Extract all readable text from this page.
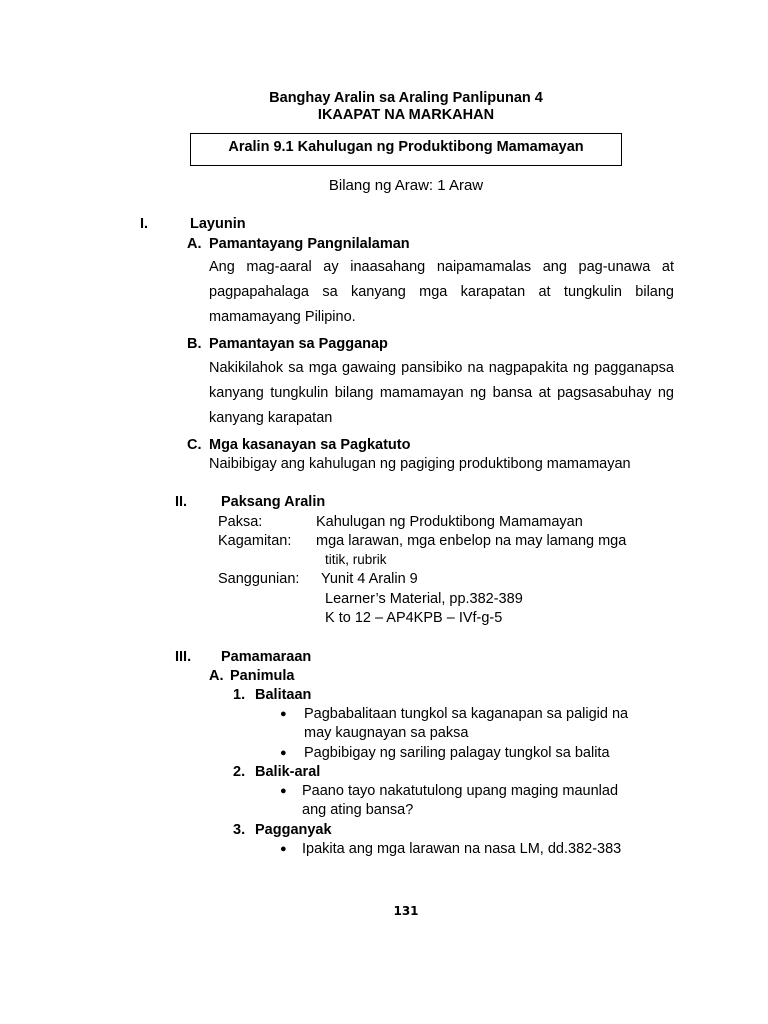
Banghay Aralin sa Araling Panlipunan 4
IKAAPAT NA MARKAHAN
Aralin 9.1 Kahulugan ng Produktibong Mamamayan
Bilang ng Araw: 1 Araw
I.	Layunin
A. Pamantayang Pangnilalaman
Ang mag-aaral ay inaasahang naipamamalas ang pag-unawa at pagpapahalaga sa kanyang mga karapatan at tungkulin bilang mamamayang Pilipino.
B. Pamantayan sa Pagganap
Nakikilahok sa mga gawaing pansibiko na nagpapakita ng pagganapsa kanyang tungkulin bilang mamamayan ng bansa at pagsasabuhay ng kanyang karapatan
C. Mga kasanayan sa Pagkatuto
Naibibigay ang kahulugan ng pagiging produktibong mamamayan
II. Paksang Aralin
Paksa:	Kahulugan ng Produktibong Mamamayan
Kagamitan: mga larawan, mga enbelop na may lamang mga
titik, rubrik
Sanggunian: Yunit 4 Aralin 9
Learner’s Material, pp.382-389
K to 12 – AP4KPB – IVf-g-5
III. Pamamaraan
A. Panimula
1. Balitaan
● Pagbabalitaan tungkol sa kaganapan sa paligid na
may kaugnayan sa paksa
● Pagbibigay ng sariling palagay tungkol sa balita
2. Balik-aral
● Paano tayo nakatutulong upang maging maunlad
ang ating bansa?
3. Pagganyak
● Ipakita ang mga larawan na nasa LM, dd.382-383
131
